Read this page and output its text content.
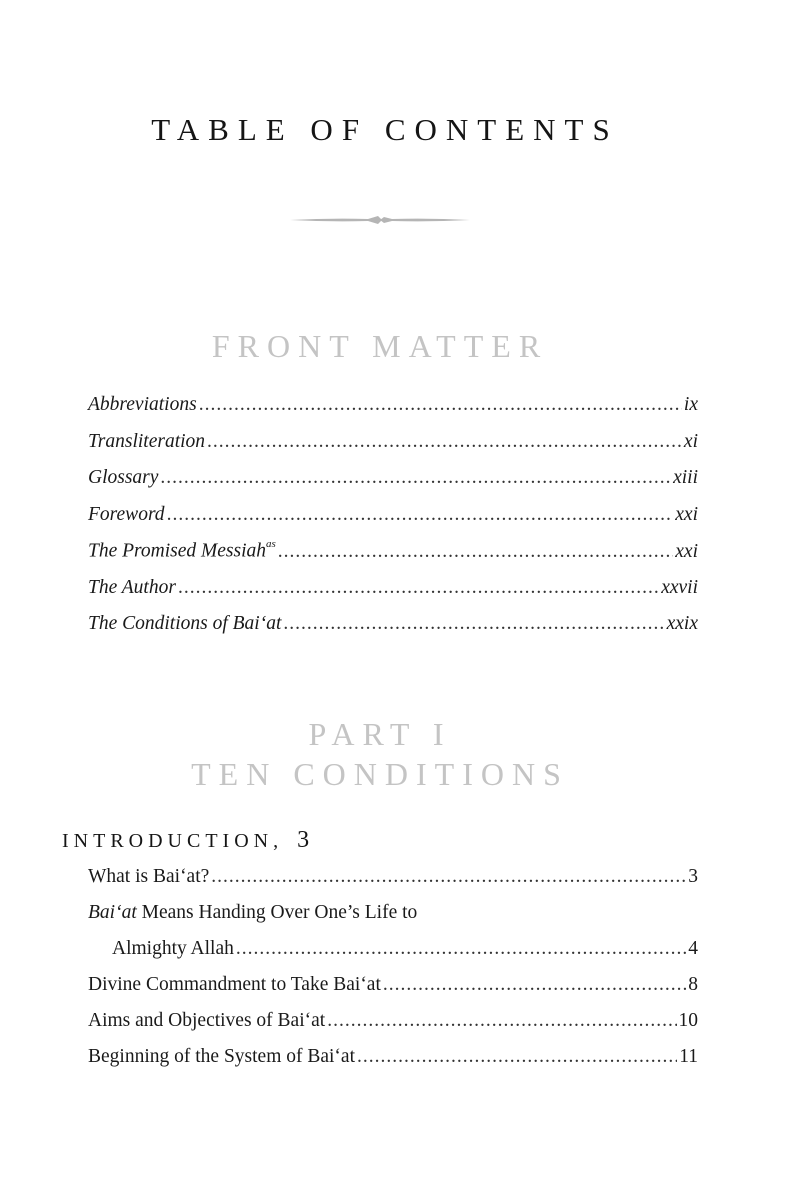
TABLE OF CONTENTS
FRONT MATTER
Abbreviations .....	ix
Transliteration .....	xi
Glossary .....	xiii
Foreword .....	xxi
The Promised Messiah$^{as}$ .....	xxi
The Author .....	xxvii
The Conditions of Bai‘at .....	xxix
PART I
TEN CONDITIONS
INTRODUCTION, 3
What is Bai‘at? .....	3
Bai‘at Means Handing Over One’s Life to
Almighty Allah .....	4
Divine Commandment to Take Bai‘at .....	8
Aims and Objectives of Bai‘at .....	10
Beginning of the System of Bai‘at .....	11
